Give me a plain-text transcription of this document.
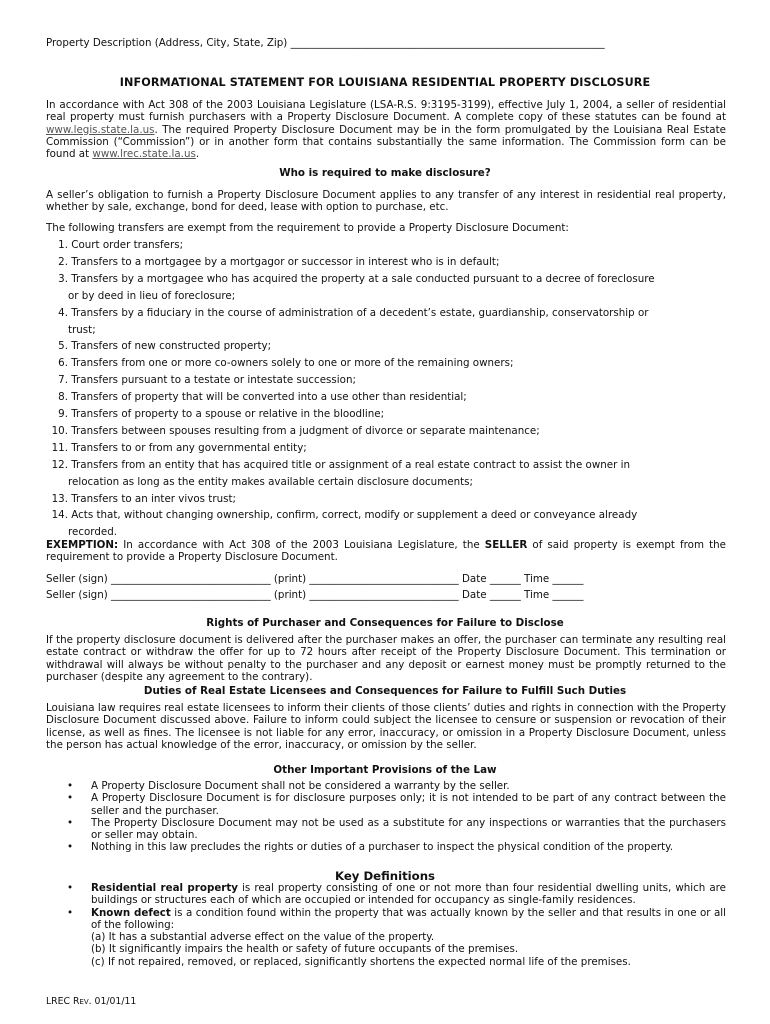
Property Description (Address, City, State, Zip) _____________________________________________________________
INFORMATIONAL STATEMENT FOR LOUISIANA RESIDENTIAL PROPERTY DISCLOSURE
In accordance with Act 308 of the 2003 Louisiana Legislature (LSA-R.S. 9:3195-3199), effective July 1, 2004, a seller of residential real property must furnish purchasers with a Property Disclosure Document. A complete copy of these statutes can be found at www.legis.state.la.us. The required Property Disclosure Document may be in the form promulgated by the Louisiana Real Estate Commission (“Commission”) or in another form that contains substantially the same information. The Commission form can be found at www.lrec.state.la.us.
Who is required to make disclosure?
A seller’s obligation to furnish a Property Disclosure Document applies to any transfer of any interest in residential real property, whether by sale, exchange, bond for deed, lease with option to purchase, etc.
The following transfers are exempt from the requirement to provide a Property Disclosure Document:
1. Court order transfers;
2. Transfers to a mortgagee by a mortgagor or successor in interest who is in default;
3. Transfers by a mortgagee who has acquired the property at a sale conducted pursuant to a decree of foreclosure
or by deed in lieu of foreclosure;
4. Transfers by a fiduciary in the course of administration of a decedent’s estate, guardianship, conservatorship or
trust;
5. Transfers of new constructed property;
6. Transfers from one or more co-owners solely to one or more of the remaining owners;
7. Transfers pursuant to a testate or intestate succession;
8. Transfers of property that will be converted into a use other than residential;
9. Transfers of property to a spouse or relative in the bloodline;
10. Transfers between spouses resulting from a judgment of divorce or separate maintenance;
11. Transfers to or from any governmental entity;
12. Transfers from an entity that has acquired title or assignment of a real estate contract to assist the owner in
relocation as long as the entity makes available certain disclosure documents;
13. Transfers to an inter vivos trust;
14. Acts that, without changing ownership, confirm, correct, modify or supplement a deed or conveyance already
recorded.
EXEMPTION: In accordance with Act 308 of the 2003 Louisiana Legislature, the SELLER of said property is exempt from the requirement to provide a Property Disclosure Document.
Seller (sign) _______________________________ (print) _____________________________ Date ______ Time ______
Seller (sign) _______________________________ (print) _____________________________ Date ______ Time ______
Rights of Purchaser and Consequences for Failure to Disclose
If the property disclosure document is delivered after the purchaser makes an offer, the purchaser can terminate any resulting real estate contract or withdraw the offer for up to 72 hours after receipt of the Property Disclosure Document. This termination or withdrawal will always be without penalty to the purchaser and any deposit or earnest money must be promptly returned to the purchaser (despite any agreement to the contrary).
Duties of Real Estate Licensees and Consequences for Failure to Fulfill Such Duties
Louisiana law requires real estate licensees to inform their clients of those clients’ duties and rights in connection with the Property Disclosure Document discussed above. Failure to inform could subject the licensee to censure or suspension or revocation of their license, as well as fines. The licensee is not liable for any error, inaccuracy, or omission in a Property Disclosure Document, unless the person has actual knowledge of the error, inaccuracy, or omission by the seller.
Other Important Provisions of the Law
• A Property Disclosure Document shall not be considered a warranty by the seller.
• A Property Disclosure Document is for disclosure purposes only; it is not intended to be part of any contract between the seller and the purchaser.
• The Property Disclosure Document may not be used as a substitute for any inspections or warranties that the purchasers or seller may obtain.
• Nothing in this law precludes the rights or duties of a purchaser to inspect the physical condition of the property.
Key Definitions
• Residential real property is real property consisting of one or not more than four residential dwelling units, which are buildings or structures each of which are occupied or intended for occupancy as single-family residences.
• Known defect is a condition found within the property that was actually known by the seller and that results in one or all of the following:
(a) It has a substantial adverse effect on the value of the property.
(b) It significantly impairs the health or safety of future occupants of the premises.
(c) If not repaired, removed, or replaced, significantly shortens the expected normal life of the premises.
LREC Rev. 01/01/11
